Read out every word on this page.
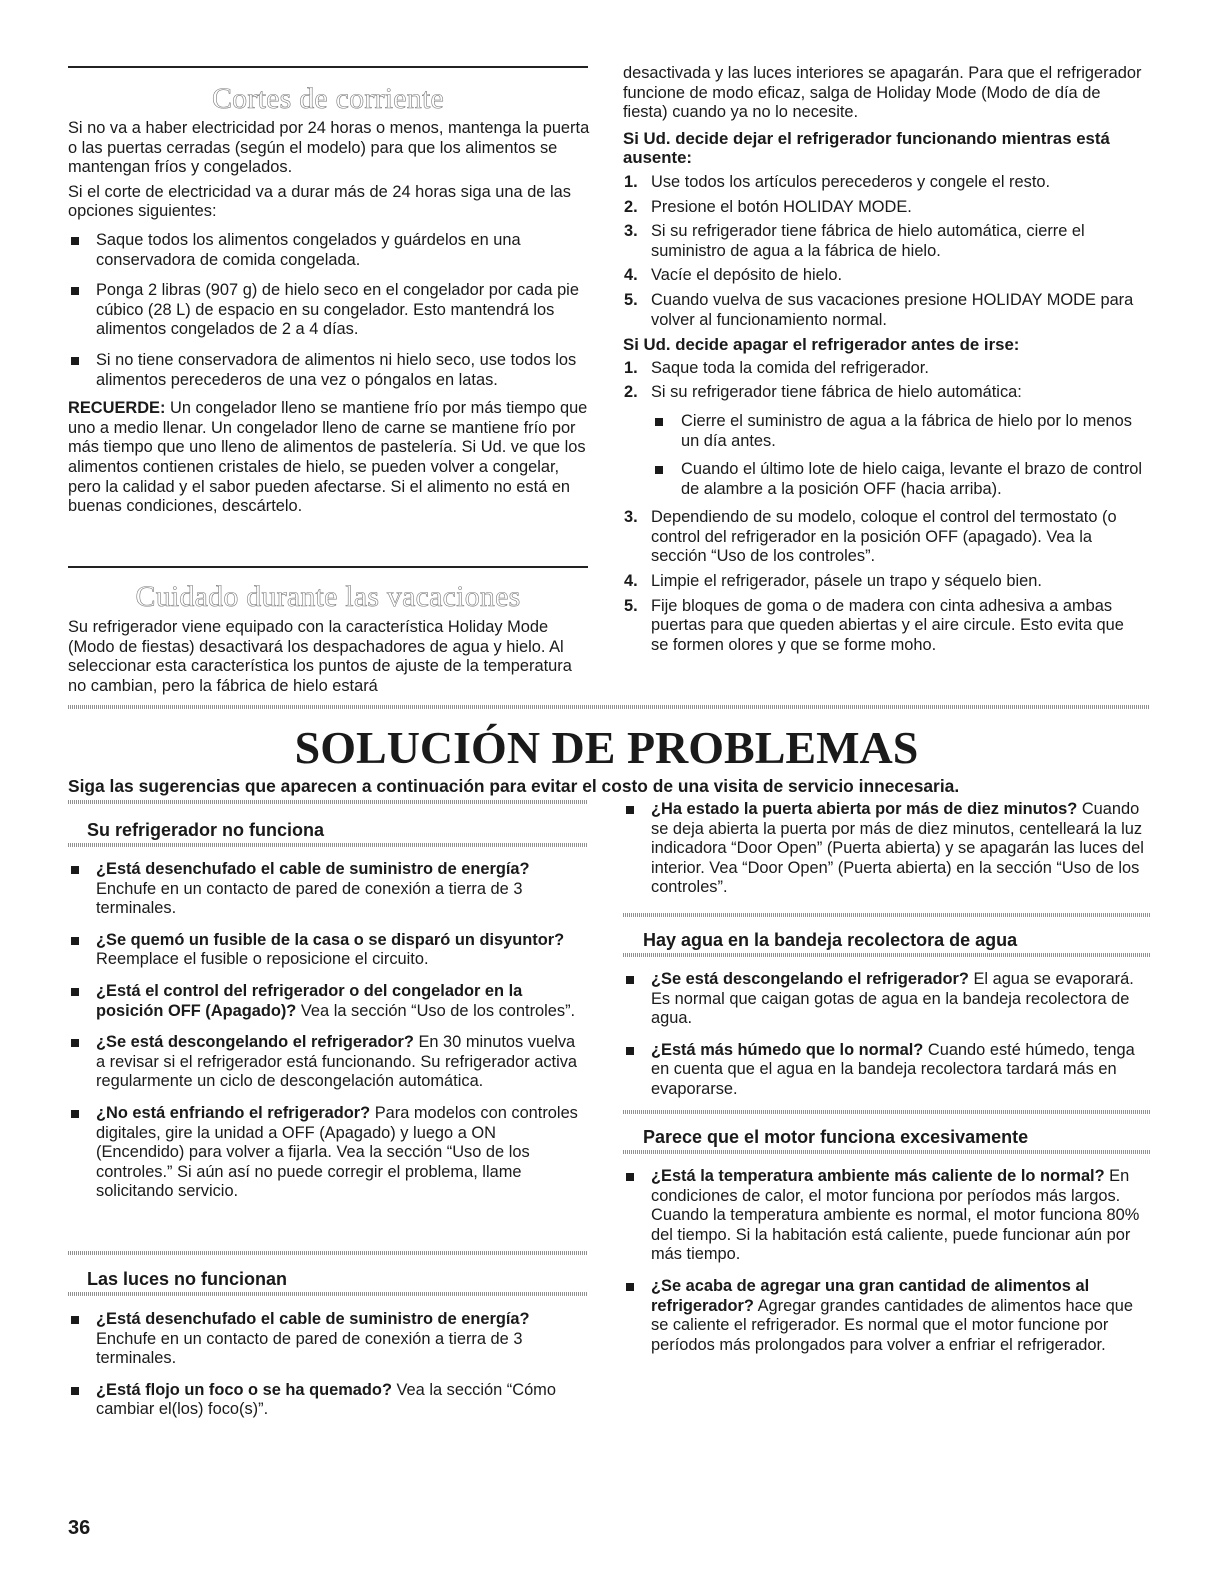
Cortes de corriente

Si no va a haber electricidad por 24 horas o menos, mantenga la puerta o las puertas cerradas (según el modelo) para que los alimentos se mantengan fríos y congelados.

Si el corte de electricidad va a durar más de 24 horas siga una de las opciones siguientes:

Saque todos los alimentos congelados y guárdelos en una conservadora de comida congelada.
Ponga 2 libras (907 g) de hielo seco en el congelador por cada pie cúbico (28 L) de espacio en su congelador. Esto mantendrá los alimentos congelados de 2 a 4 días.
Si no tiene conservadora de alimentos ni hielo seco, use todos los alimentos perecederos de una vez o póngalos en latas.

RECUERDE: Un congelador lleno se mantiene frío por más tiempo que uno a medio llenar. Un congelador lleno de carne se mantiene frío por más tiempo que uno lleno de alimentos de pastelería. Si Ud. ve que los alimentos contienen cristales de hielo, se pueden volver a congelar, pero la calidad y el sabor pueden afectarse. Si el alimento no está en buenas condiciones, descártelo.

Cuidado durante las vacaciones

Su refrigerador viene equipado con la característica Holiday Mode (Modo de fiestas) desactivará los despachadores de agua y hielo. Al seleccionar esta característica los puntos de ajuste de la temperatura no cambian, pero la fábrica de hielo estará

desactivada y las luces interiores se apagarán. Para que el refrigerador funcione de modo eficaz, salga de Holiday Mode (Modo de día de fiesta) cuando ya no lo necesite.

Si Ud. decide dejar el refrigerador funcionando mientras está ausente:

1. Use todos los artículos perecederos y congele el resto.
2. Presione el botón HOLIDAY MODE.
3. Si su refrigerador tiene fábrica de hielo automática, cierre el suministro de agua a la fábrica de hielo.
4. Vacíe el depósito de hielo.
5. Cuando vuelva de sus vacaciones presione HOLIDAY MODE para volver al funcionamiento normal.

Si Ud. decide apagar el refrigerador antes de irse:

1. Saque toda la comida del refrigerador.
2. Si su refrigerador tiene fábrica de hielo automática:
Cierre el suministro de agua a la fábrica de hielo por lo menos un día antes.
Cuando el último lote de hielo caiga, levante el brazo de control de alambre a la posición OFF (hacia arriba).
3. Dependiendo de su modelo, coloque el control del termostato (o control del refrigerador en la posición OFF (apagado). Vea la sección “Uso de los controles”.
4. Limpie el refrigerador, pásele un trapo y séquelo bien.
5. Fije bloques de goma o de madera con cinta adhesiva a ambas puertas para que queden abiertas y el aire circule. Esto evita que se formen olores y que se forme moho.
SOLUCIÓN DE PROBLEMAS

Siga las sugerencias que aparecen a continuación para evitar el costo de una visita de servicio innecesaria.

Su refrigerador no funciona
¿Está desenchufado el cable de suministro de energía? Enchufe en un contacto de pared de conexión a tierra de 3 terminales.
¿Se quemó un fusible de la casa o se disparó un disyuntor? Reemplace el fusible o reposicione el circuito.
¿Está el control del refrigerador o del congelador en la posición OFF (Apagado)? Vea la sección “Uso de los controles”.
¿Se está descongelando el refrigerador? En 30 minutos vuelva a revisar si el refrigerador está funcionando. Su refrigerador activa regularmente un ciclo de descongelación automática.
¿No está enfriando el refrigerador? Para modelos con controles digitales, gire la unidad a OFF (Apagado) y luego a ON (Encendido) para volver a fijarla. Vea la sección “Uso de los controles.” Si aún así no puede corregir el problema, llame solicitando servicio.
Las luces no funcionan
¿Está desenchufado el cable de suministro de energía? Enchufe en un contacto de pared de conexión a tierra de 3 terminales.
¿Está flojo un foco o se ha quemado? Vea la sección “Cómo cambiar el(los) foco(s)”.
¿Ha estado la puerta abierta por más de diez minutos? Cuando se deja abierta la puerta por más de diez minutos, centelleará la luz indicadora “Door Open” (Puerta abierta) y se apagarán las luces del interior. Vea “Door Open” (Puerta abierta) en la sección “Uso de los controles”.
Hay agua en la bandeja recolectora de agua
¿Se está descongelando el refrigerador? El agua se evaporará. Es normal que caigan gotas de agua en la bandeja recolectora de agua.
¿Está más húmedo que lo normal? Cuando esté húmedo, tenga en cuenta que el agua en la bandeja recolectora tardará más en evaporarse.
Parece que el motor funciona excesivamente
¿Está la temperatura ambiente más caliente de lo normal? En condiciones de calor, el motor funciona por períodos más largos. Cuando la temperatura ambiente es normal, el motor funciona 80% del tiempo. Si la habitación está caliente, puede funcionar aún por más tiempo.
¿Se acaba de agregar una gran cantidad de alimentos al refrigerador? Agregar grandes cantidades de alimentos hace que se caliente el refrigerador. Es normal que el motor funcione por períodos más prolongados para volver a enfriar el refrigerador.
36
